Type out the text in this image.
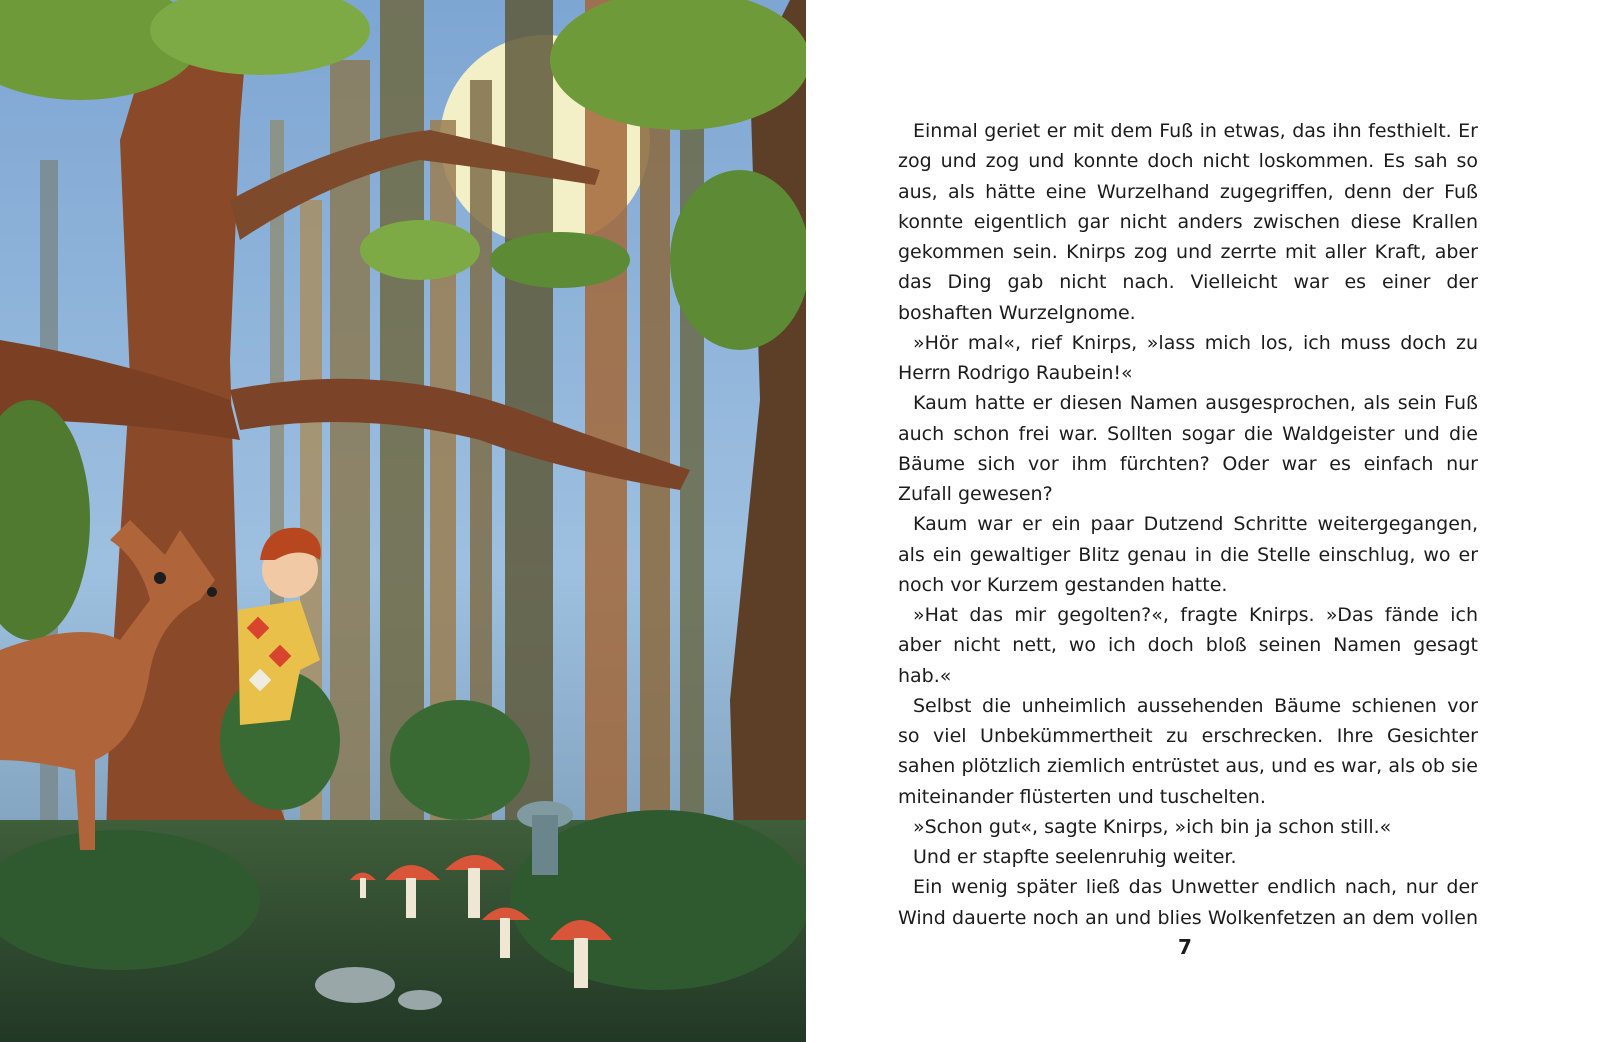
Einmal geriet er mit dem Fuß in etwas, das ihn festhielt. Er zog und zog und konnte doch nicht loskommen. Es sah so aus, als hätte eine Wurzelhand zugegriffen, denn der Fuß konnte eigentlich gar nicht anders zwischen diese Krallen gekommen sein. Knirps zog und zerrte mit aller Kraft, aber das Ding gab nicht nach. Vielleicht war es einer der boshaften Wurzelgnome.

»Hör mal«, rief Knirps, »lass mich los, ich muss doch zu Herrn Rodrigo Raubein!«

Kaum hatte er diesen Namen ausgesprochen, als sein Fuß auch schon frei war. Sollten sogar die Waldgeister und die Bäume sich vor ihm fürchten? Oder war es einfach nur Zufall gewesen?

Kaum war er ein paar Dutzend Schritte weitergegangen, als ein gewaltiger Blitz genau in die Stelle einschlug, wo er noch vor Kurzem gestanden hatte.

»Hat das mir gegolten?«, fragte Knirps. »Das fände ich aber nicht nett, wo ich doch bloß seinen Namen gesagt hab.«

Selbst die unheimlich aussehenden Bäume schienen vor so viel Unbekümmertheit zu erschrecken. Ihre Gesichter sahen plötzlich ziemlich entrüstet aus, und es war, als ob sie miteinander flüsterten und tuschelten.

»Schon gut«, sagte Knirps, »ich bin ja schon still.«

Und er stapfte seelenruhig weiter.

Ein wenig später ließ das Unwetter endlich nach, nur der Wind dauerte noch an und blies Wolkenfetzen an dem vollen

7
